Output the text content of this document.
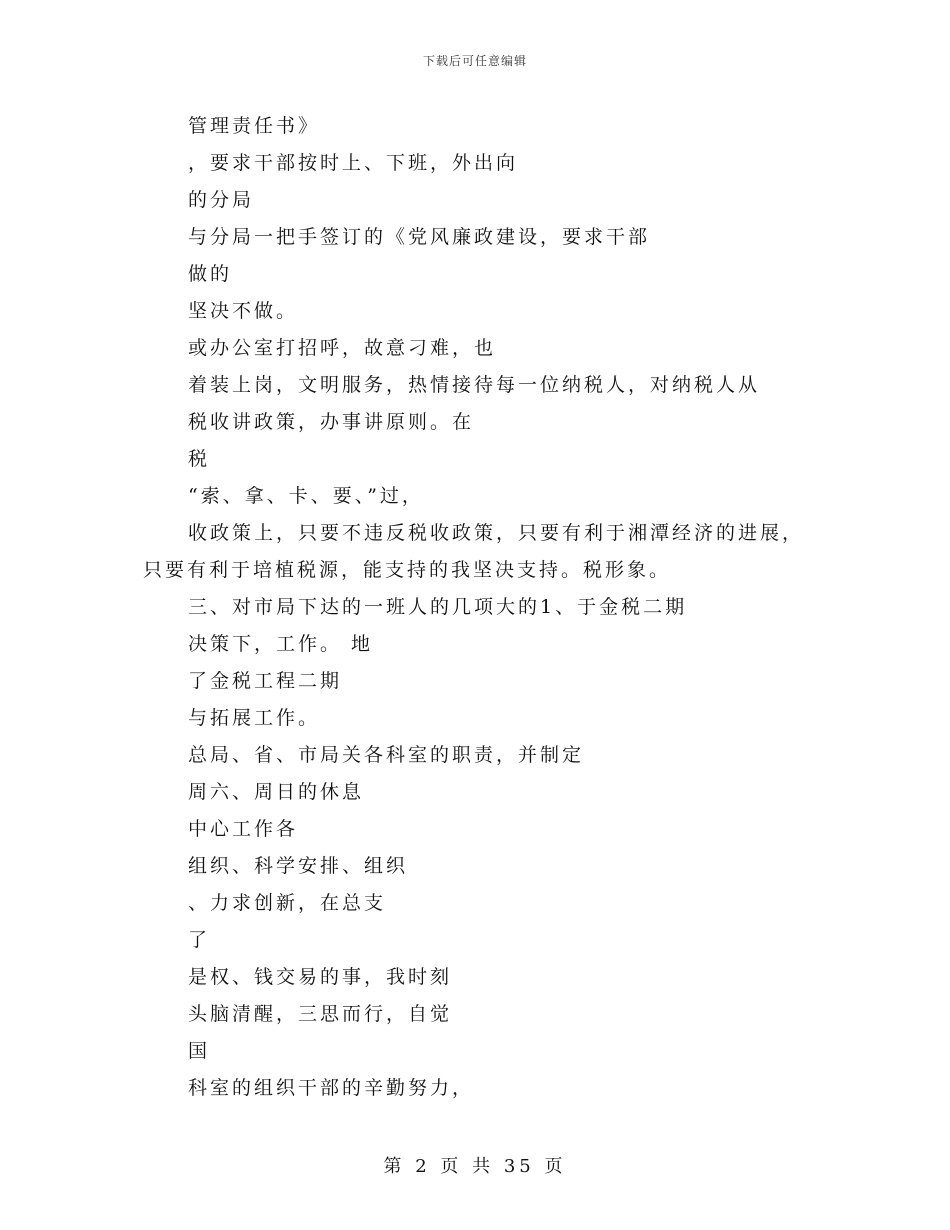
下载后可任意编辑
管理责任书》
，要求干部按时上、下班，外出向
的分局
与分局一把手签订的《党风廉政建设，要求干部
做的
坚决不做。
或办公室打招呼，故意刁难，也
着装上岗，文明服务，热情接待每一位纳税人，对纳税人从
税收讲政策，办事讲原则。在
税
“索、拿、卡、要、”过，
收政策上，只要不违反税收政策，只要有利于湘潭经济的进展，
只要有利于培植税源，能支持的我坚决支持。税形象。
三、对市局下达的一班人的几项大的1、于金税二期
决策下，工作。 地
了金税工程二期
与拓展工作。
总局、省、市局关各科室的职责，并制定
周六、周日的休息
中心工作各
组织、科学安排、组织
、力求创新，在总支
了
是权、钱交易的事，我时刻
头脑清醒，三思而行，自觉
国
科室的组织干部的辛勤努力，
第 2 页 共 35 页
